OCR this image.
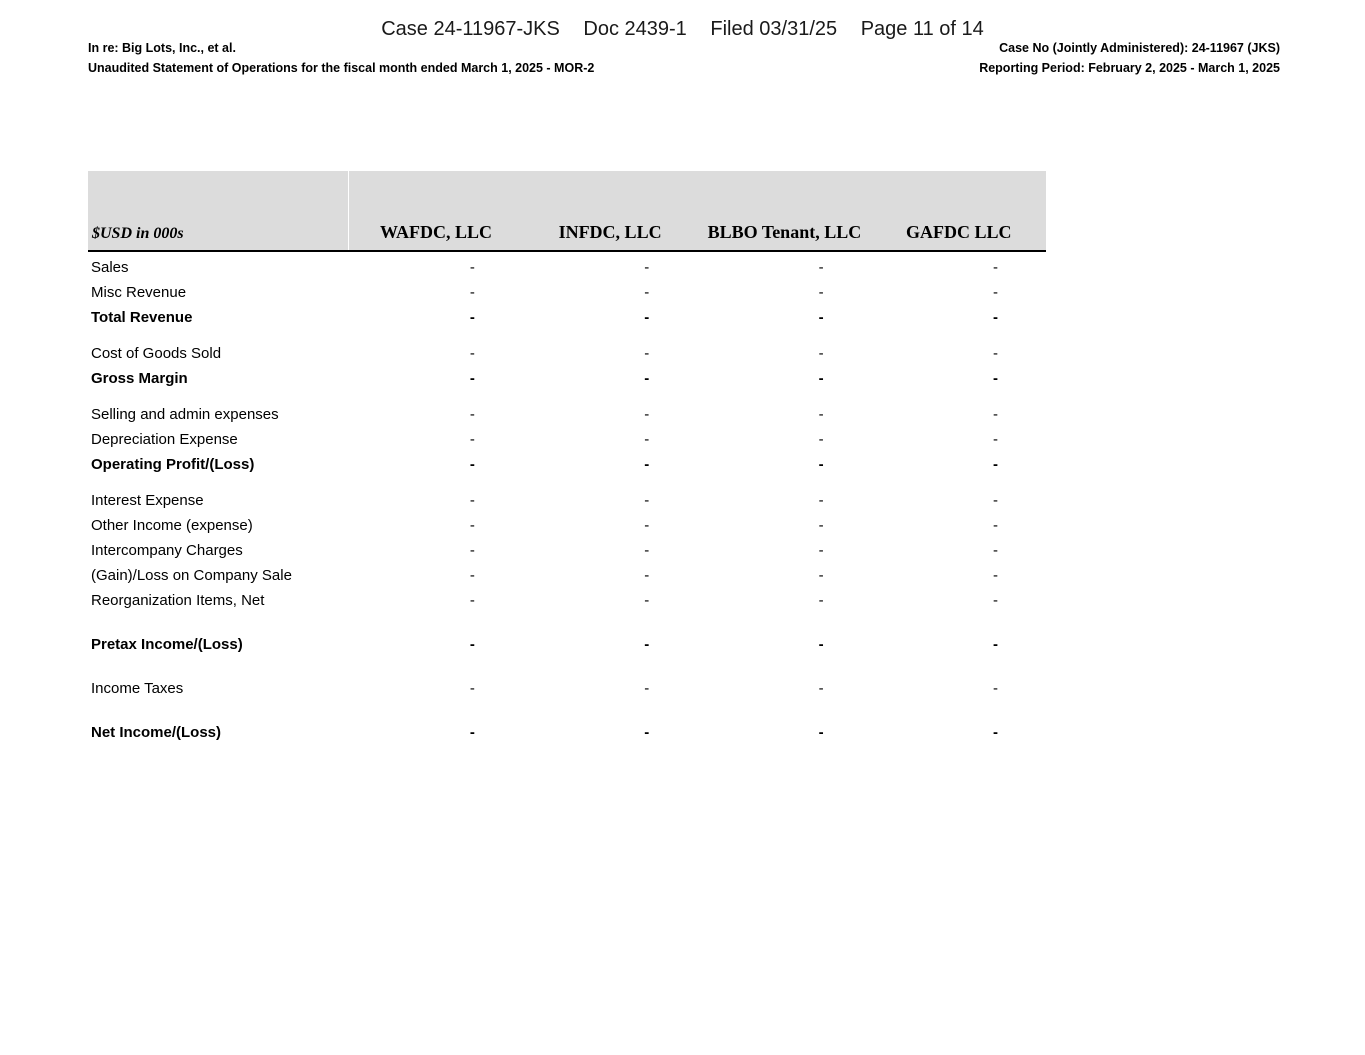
Case 24-11967-JKS Doc 2439-1 Filed 03/31/25 Page 11 of 14
In re: Big Lots, Inc., et al.	Case No (Jointly Administered): 24-11967 (JKS)
Unaudited Statement of Operations for the fiscal month ended March 1, 2025 - MOR-2	Reporting Period: February 2, 2025 - March 1, 2025
$USD in 000s	WAFDC, LLC	INFDC, LLC	BLBO Tenant, LLC	GAFDC LLC
Sales	-	-	-	-
Misc Revenue	-	-	-	-
Total Revenue	-	-	-	-

Cost of Goods Sold	-	-	-	-
Gross Margin	-	-	-	-

Selling and admin expenses	-	-	-	-
Depreciation Expense	-	-	-	-
Operating Profit/(Loss)	-	-	-	-

Interest Expense	-	-	-	-
Other Income (expense)	-	-	-	-
Intercompany Charges	-	-	-	-
(Gain)/Loss on Company Sale	-	-	-	-
Reorganization Items, Net	-	-	-	-

Pretax Income/(Loss)	-	-	-	-

Income Taxes	-	-	-	-

Net Income/(Loss)	-	-	-	-
